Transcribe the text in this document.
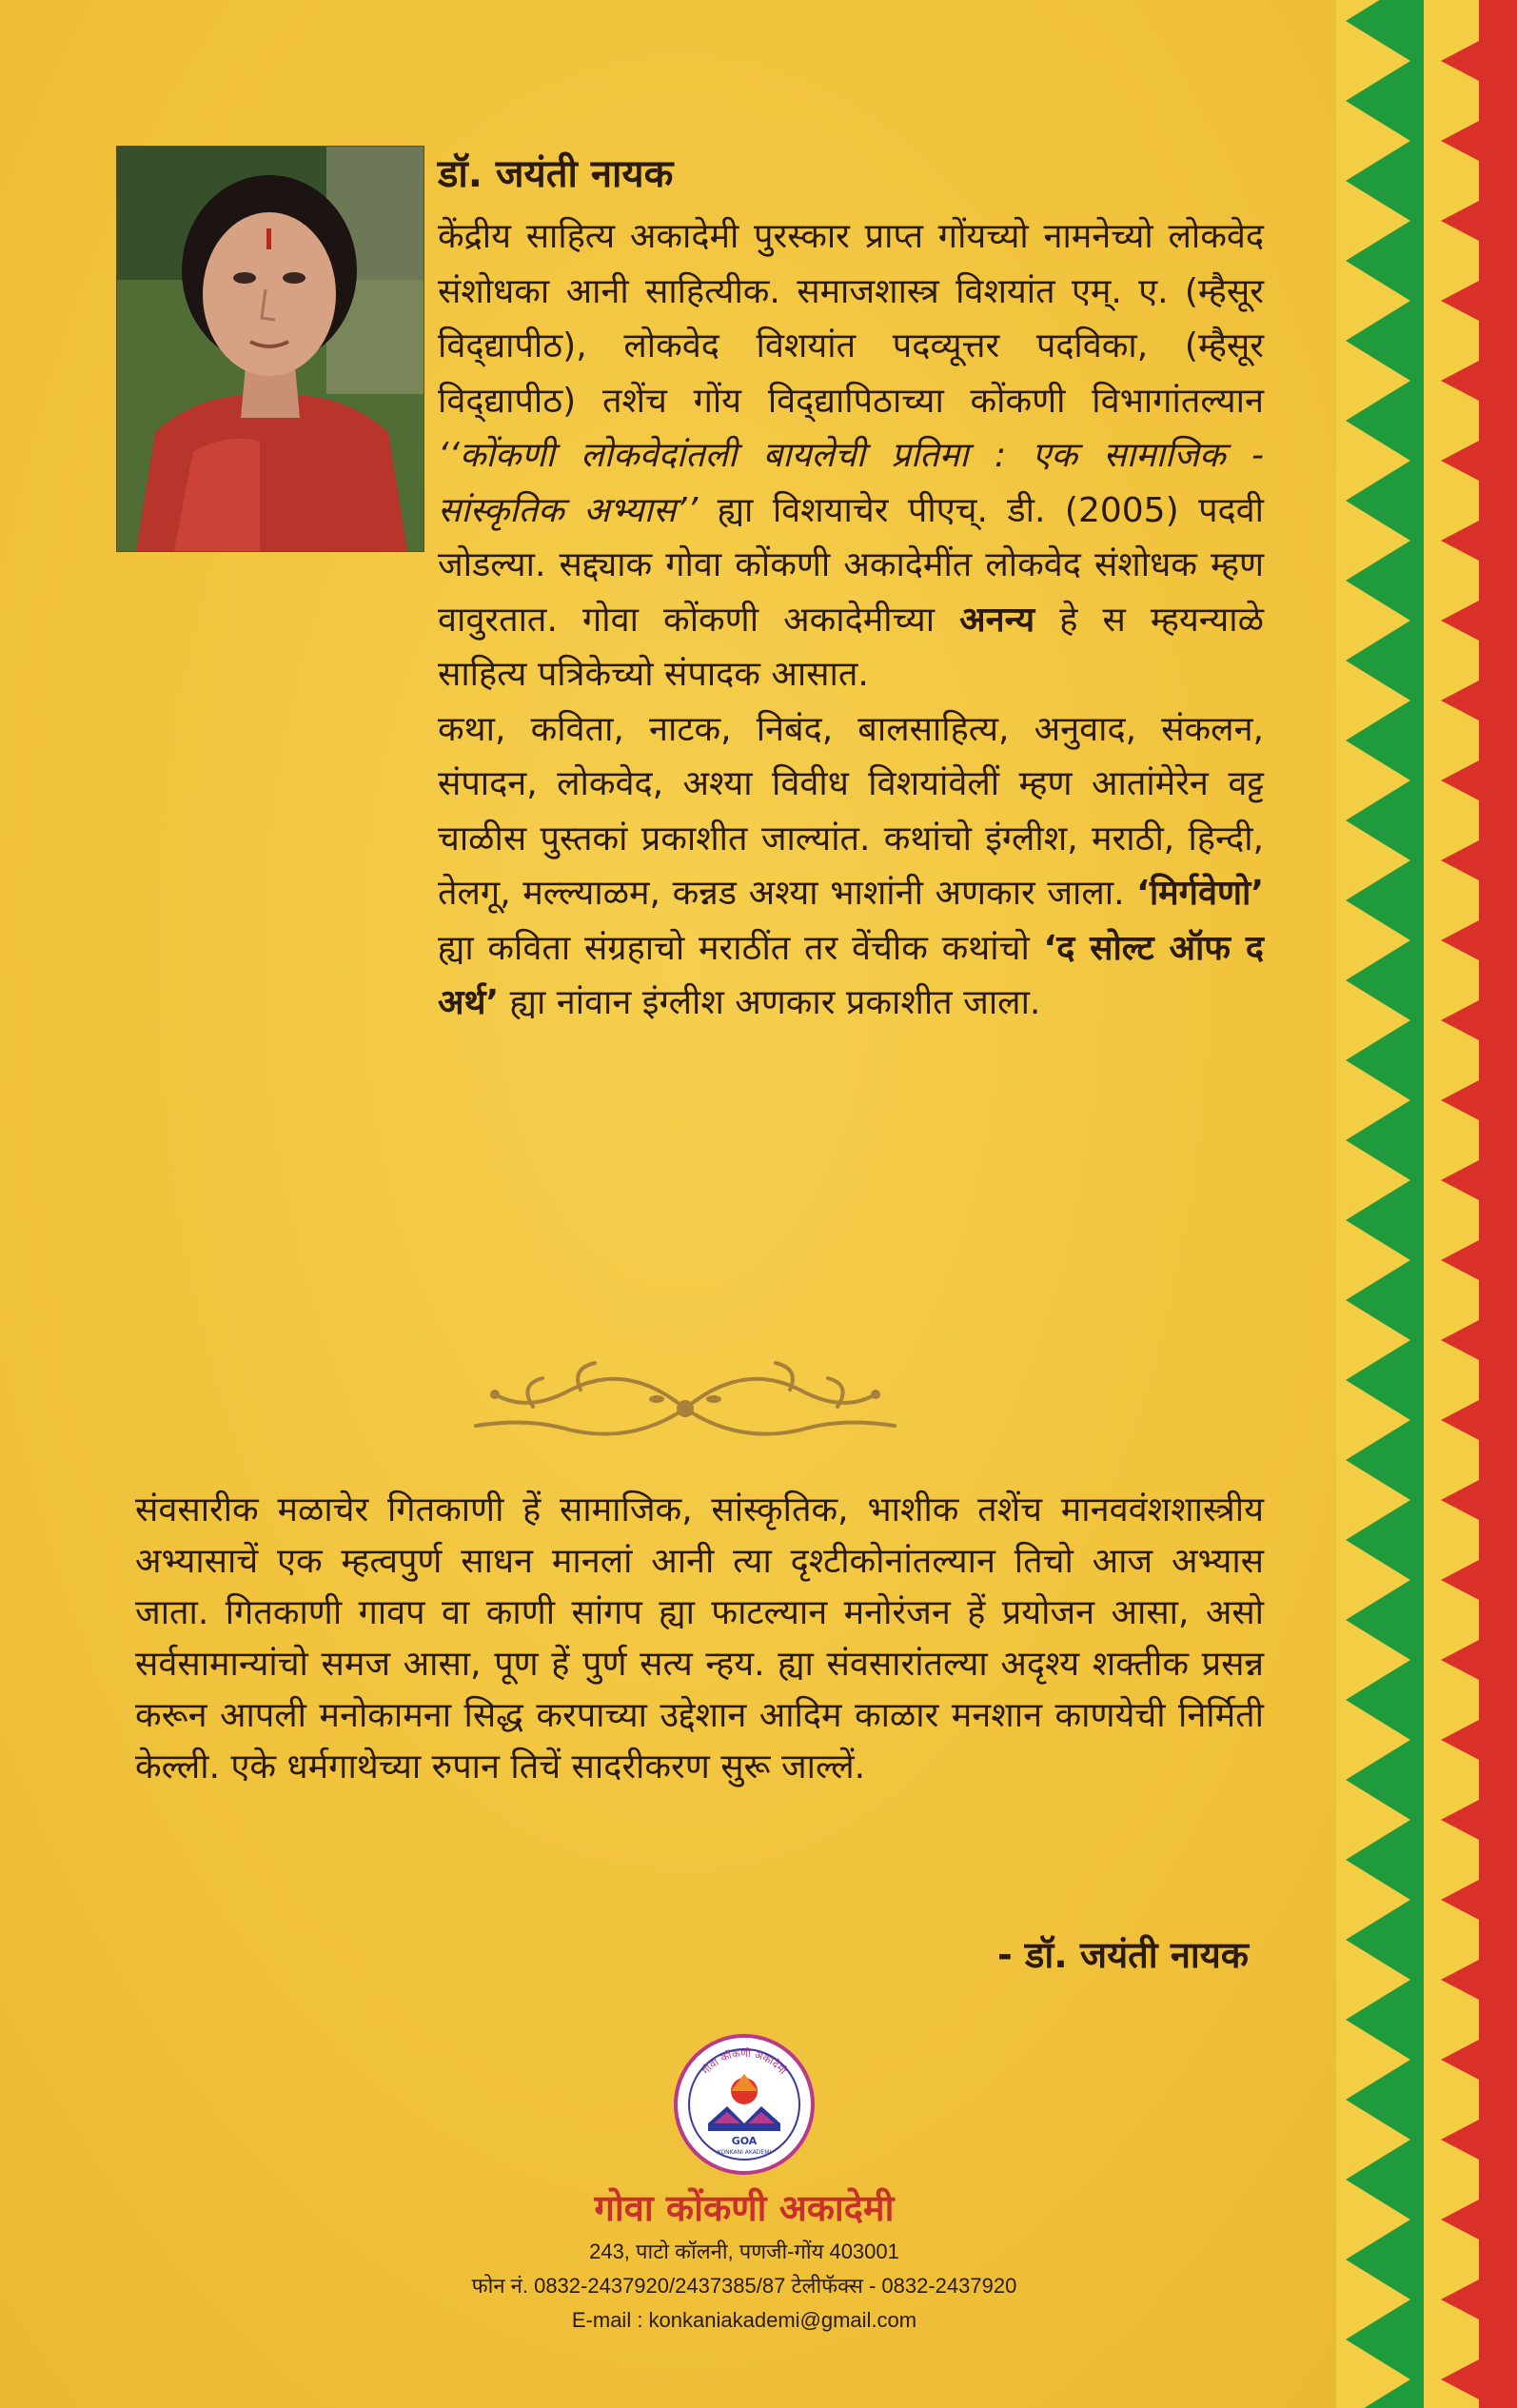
डॉ. जयंती नायक

केंद्रीय साहित्य अकादेमी पुरस्कार प्राप्त गोंयच्यो नामनेच्यो लोकवेद संशोधका आनी साहित्यीक. समाजशास्त्र विशयांत एम्. ए. (म्हैसूर विद्‌द्यापीठ), लोकवेद विशयांत पदव्यूत्तर पदविका, (म्हैसूर विद्‌द्यापीठ) तशेंच गोंय विद्‌द्यापिठाच्या कोंकणी विभागांतल्यान ‘‘कोंकणी लोकवेदांतली बायलेची प्रतिमा : एक सामाजिक - सांस्कृतिक अभ्यास’’ ह्या विशयाचेर पीएच्. डी. (2005) पदवी जोडल्या. सद्द्याक गोवा कोंकणी अकादेमींत लोकवेद संशोधक म्हण वावुरतात. गोवा कोंकणी अकादेमीच्या अनन्य हे स म्हयन्याळे साहित्य पत्रिकेच्यो संपादक आसात.

कथा, कविता, नाटक, निबंद, बालसाहित्य, अनुवाद, संकलन, संपादन, लोकवेद, अश्या विवीध विशयांवेलीं म्हण आतांमेरेन वट्ट चाळीस पुस्तकां प्रकाशीत जाल्यांत. कथांचो इंग्लीश, मराठी, हिन्दी, तेलगू, मल्ल्याळम, कन्नड अश्या भाशांनी अणकार जाला. ‘मिर्गवेणो’ ह्या कविता संग्रहाचो मराठींत तर वेंचीक कथांचो ‘द सोल्ट ऑफ द अर्थ’ ह्या नांवान इंग्लीश अणकार प्रकाशीत जाला.

संवसारीक मळाचेर गितकाणी हें सामाजिक, सांस्कृतिक, भाशीक तशेंच मानववंशशास्त्रीय अभ्यासाचें एक म्हत्वपुर्ण साधन मानलां आनी त्या दृश्टीकोनांतल्यान तिचो आज अभ्यास जाता. गितकाणी गावप वा काणी सांगप ह्या फाटल्यान मनोरंजन हें प्रयोजन आसा, असो सर्वसामान्यांचो समज आसा, पूण हें पुर्ण सत्य न्हय. ह्या संवसारांतल्या अदृश्य शक्तीक प्रसन्न करून आपली मनोकामना सिद्ध करपाच्या उद्देशान आदिम काळार मनशान काणयेची निर्मिती केल्ली. एके धर्मगाथेच्या रुपान तिचें सादरीकरण सुरू जाल्लें.

- डॉ. जयंती नायक
गोवा कोंकणी अकादेमी
GOA
KONKANI AKADEMI
गोवा कोंकणी अकादेमी

243, पाटो कॉलनी, पणजी-गोंय 403001

फोन नं. 0832-2437920/2437385/87 टेलीफॅक्स - 0832-2437920

E-mail : konkaniakademi@gmail.com
